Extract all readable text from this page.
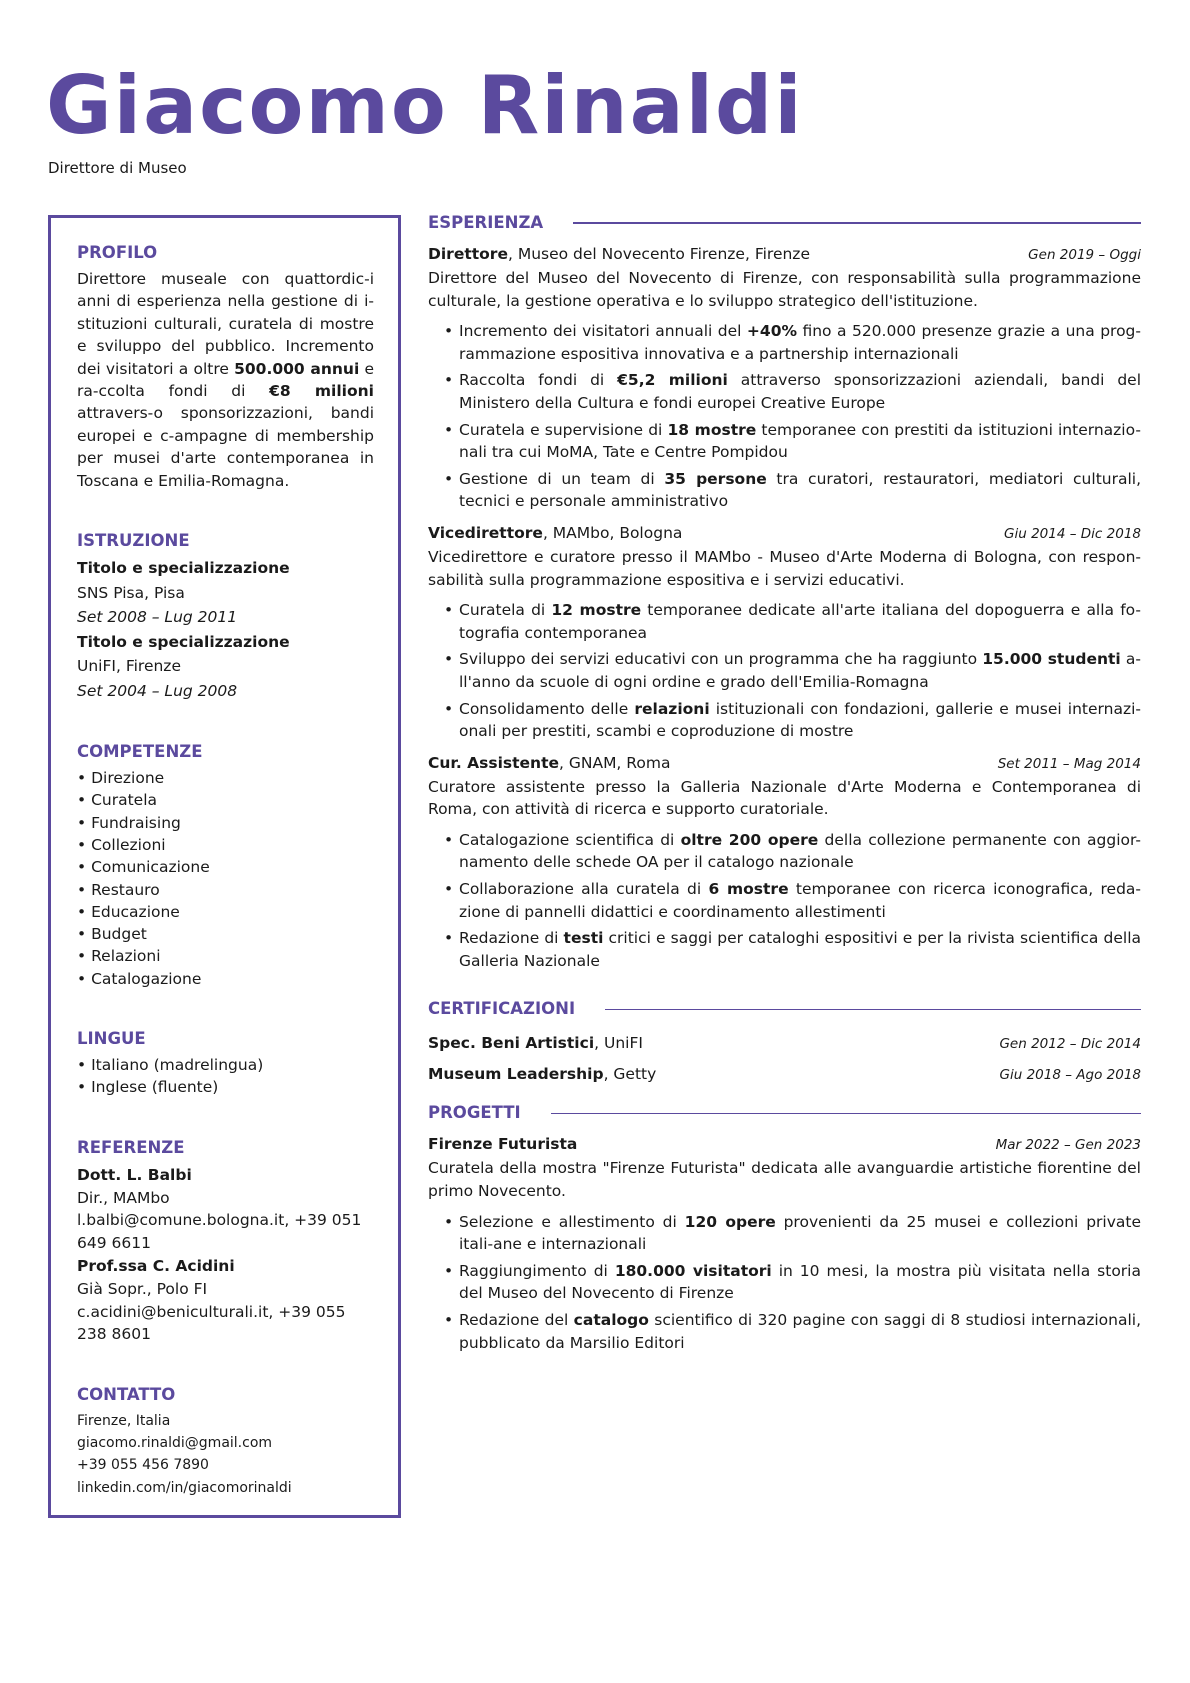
Giacomo Rinaldi
Direttore di Museo
PROFILO
Direttore museale con quattordic-i anni di esperienza nella gestione di i-stituzioni culturali, curatela di mostre e sviluppo del pubblico. Incremento dei visitatori a oltre 500.000 annui e ra-ccolta fondi di €8 milioni attravers-o sponsorizzazioni, bandi europei e c-ampagne di membership per musei d'arte contemporanea in Toscana e Emilia-Romagna.
ISTRUZIONE
Titolo e specializzazione
SNS Pisa, Pisa
Set 2008 – Lug 2011
Titolo e specializzazione
UniFI, Firenze
Set 2004 – Lug 2008
COMPETENZE
• Direzione
• Curatela
• Fundraising
• Collezioni
• Comunicazione
• Restauro
• Educazione
• Budget
• Relazioni
• Catalogazione
LINGUE
• Italiano (madrelingua)
• Inglese (fluente)
REFERENZE
Dott. L. Balbi
Dir., MAMbo
l.balbi@comune.bologna.it, +39 051 649 6611
Prof.ssa C. Acidini
Già Sopr., Polo FI
c.acidini@beniculturali.it, +39 055 238 8601
CONTATTO
Firenze, Italia
giacomo.rinaldi@gmail.com
+39 055 456 7890
linkedin.com/in/giacomorinaldi
ESPERIENZA
Direttore, Museo del Novecento Firenze, Firenze	Gen 2019 – Oggi
Direttore del Museo del Novecento di Firenze, con responsabilità sulla programmazione culturale, la gestione operativa e lo sviluppo strategico dell'istituzione.
• Incremento dei visitatori annuali del +40% fino a 520.000 presenze grazie a una prog-rammazione espositiva innovativa e a partnership internazionali
• Raccolta fondi di €5,2 milioni attraverso sponsorizzazioni aziendali, bandi del Ministero della Cultura e fondi europei Creative Europe
• Curatela e supervisione di 18 mostre temporanee con prestiti da istituzioni internazio-nali tra cui MoMA, Tate e Centre Pompidou
• Gestione di un team di 35 persone tra curatori, restauratori, mediatori culturali, tecnici e personale amministrativo
Vicedirettore, MAMbo, Bologna	Giu 2014 – Dic 2018
Vicedirettore e curatore presso il MAMbo - Museo d'Arte Moderna di Bologna, con respon-sabilità sulla programmazione espositiva e i servizi educativi.
• Curatela di 12 mostre temporanee dedicate all'arte italiana del dopoguerra e alla fo-tografia contemporanea
• Sviluppo dei servizi educativi con un programma che ha raggiunto 15.000 studenti a-ll'anno da scuole di ogni ordine e grado dell'Emilia-Romagna
• Consolidamento delle relazioni istituzionali con fondazioni, gallerie e musei internazi-onali per prestiti, scambi e coproduzione di mostre
Cur. Assistente, GNAM, Roma	Set 2011 – Mag 2014
Curatore assistente presso la Galleria Nazionale d'Arte Moderna e Contemporanea di Roma, con attività di ricerca e supporto curatoriale.
• Catalogazione scientifica di oltre 200 opere della collezione permanente con aggior-namento delle schede OA per il catalogo nazionale
• Collaborazione alla curatela di 6 mostre temporanee con ricerca iconografica, reda-zione di pannelli didattici e coordinamento allestimenti
• Redazione di testi critici e saggi per cataloghi espositivi e per la rivista scientifica della Galleria Nazionale
CERTIFICAZIONI
Spec. Beni Artistici, UniFI	Gen 2012 – Dic 2014
Museum Leadership, Getty	Giu 2018 – Ago 2018
PROGETTI
Firenze Futurista	Mar 2022 – Gen 2023
Curatela della mostra "Firenze Futurista" dedicata alle avanguardie artistiche fiorentine del primo Novecento.
• Selezione e allestimento di 120 opere provenienti da 25 musei e collezioni private itali-ane e internazionali
• Raggiungimento di 180.000 visitatori in 10 mesi, la mostra più visitata nella storia del Museo del Novecento di Firenze
• Redazione del catalogo scientifico di 320 pagine con saggi di 8 studiosi internazionali, pubblicato da Marsilio Editori
